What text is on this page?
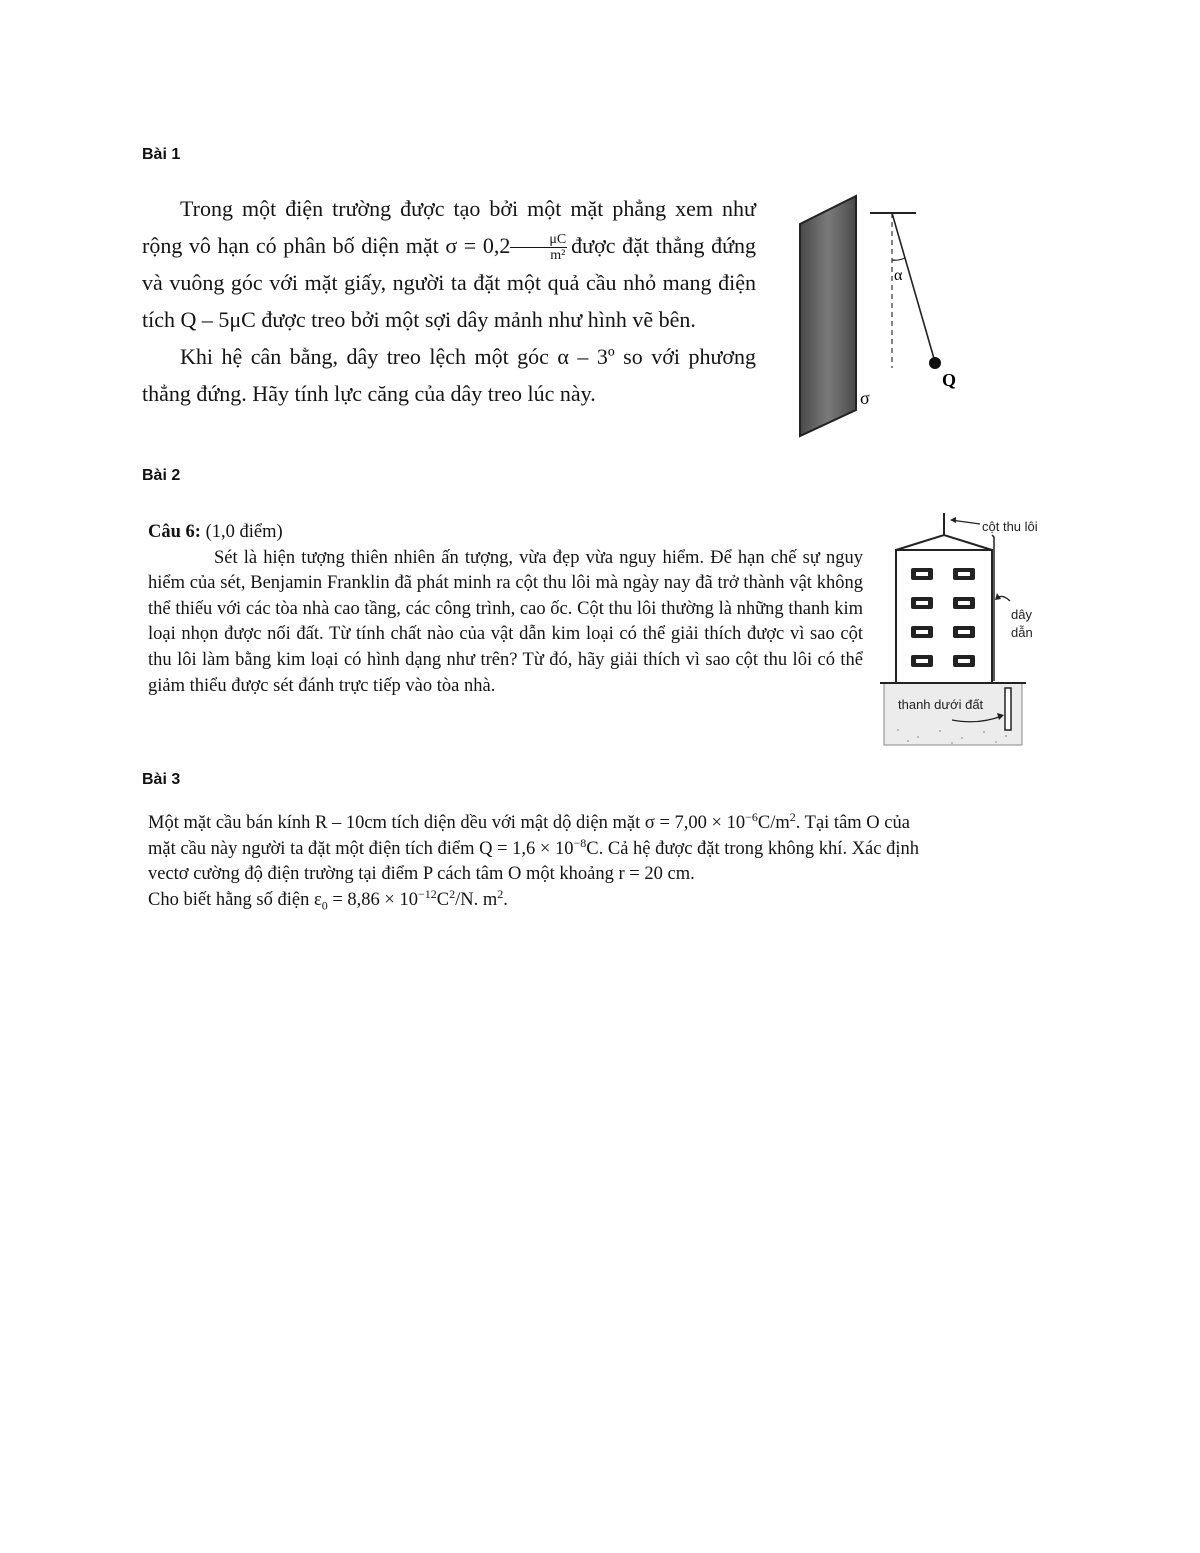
Bài 1

Trong một điện trường được tạo bởi một mặt phẳng xem như rộng vô hạn có phân bố diện mặt $\sigma = 0,2 \frac{\mu C}{\text{m²}}$ được đặt thẳng đứng và vuông góc với mặt giấy, người ta đặt một quả cầu nhỏ mang điện tích Q – 5μC được treo bởi một sợi dây mảnh như hình vẽ bên.

Khi hệ cân bằng, dây treo lệch một góc α – 3º so với phương thẳng đứng. Hãy tính lực căng của dây treo lúc này.

α
Q
σ
Bài 2

Câu 6: (1,0 điểm)

Sét là hiện tượng thiên nhiên ấn tượng, vừa đẹp vừa nguy hiểm. Để hạn chế sự nguy hiểm của sét, Benjamin Franklin đã phát minh ra cột thu lôi mà ngày nay đã trở thành vật không thể thiếu với các tòa nhà cao tầng, các công trình, cao ốc. Cột thu lôi thường là những thanh kim loại nhọn được nối đất. Từ tính chất nào của vật dẫn kim loại có thể giải thích được vì sao cột thu lôi làm bằng kim loại có hình dạng như trên? Từ đó, hãy giải thích vì sao cột thu lôi có thể giảm thiểu được sét đánh trực tiếp vào tòa nhà.

cột thu lôi
dây
dẫn
thanh dưới đất
Bài 3

Một mặt cầu bán kính R – 10cm tích diện dều với mật dộ diện mặt $\sigma = 7,00 \times 10^{-6}C/m^2$. Tại tâm O của

mặt cầu này người ta đặt một điện tích điểm $Q = 1,6 \times 10^{-8}C$. Cả hệ được đặt trong không khí. Xác định

vectơ cường độ điện trường tại điểm P cách tâm O một khoảng r = 20 cm.

Cho biết hằng số điện $\varepsilon_0 = 8,86 \times 10^{-12}C^2/N$. $m^2$.
